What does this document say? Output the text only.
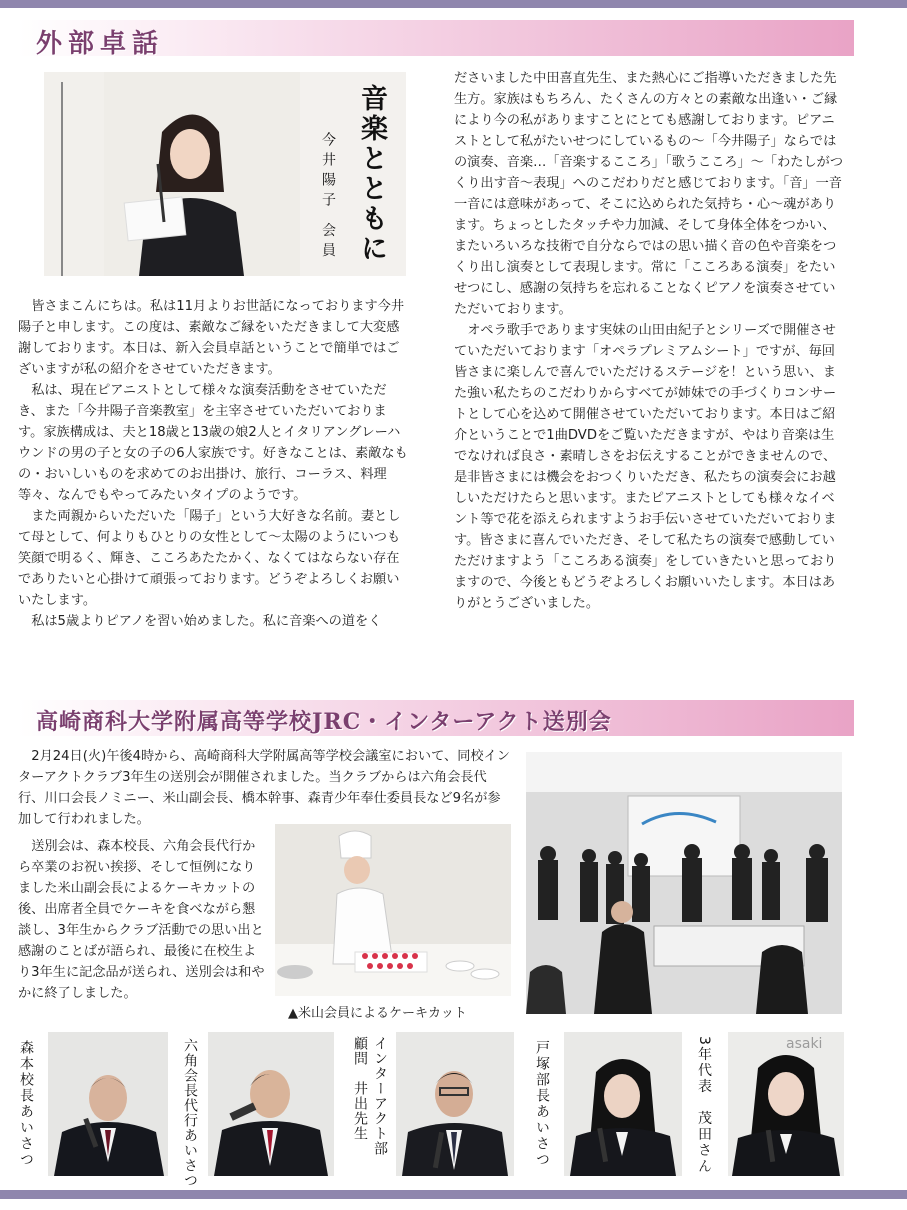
外部卓話
音楽とともに
今井陽子 会員

皆さまこんにちは。私は11月よりお世話になっております今井陽子と申します。この度は、素敵なご縁をいただきまして大変感謝しております。本日は、新入会員卓話ということで簡単ではございますが私の紹介をさせていただきます。

私は、現在ピアニストとして様々な演奏活動をさせていただき、また「今井陽子音楽教室」を主宰させていただいております。家族構成は、夫と18歳と13歳の娘2人とイタリアングレーハウンドの男の子と女の子の6人家族です。好きなことは、素敵なもの・おいしいものを求めてのお出掛け、旅行、コーラス、料理等々、なんでもやってみたいタイプのようです。

また両親からいただいた「陽子」という大好きな名前。妻として母として、何よりもひとりの女性として〜太陽のようにいつも笑顔で明るく、輝き、こころあたたかく、なくてはならない存在でありたいと心掛けて頑張っております。どうぞよろしくお願いいたします。

私は5歳よりピアノを習い始めました。私に音楽への道をく

ださいました中田喜直先生、また熱心にご指導いただきました先生方。家族はもちろん、たくさんの方々との素敵な出逢い・ご縁により今の私がありますことにとても感謝しております。ピアニストとして私がたいせつにしているもの〜「今井陽子」ならではの演奏、音楽…「音楽するこころ」「歌うこころ」〜「わたしがつくり出す音〜表現」へのこだわりだと感じております。「音」一音一音には意味があって、そこに込められた気持ち・心〜魂があります。ちょっとしたタッチや力加減、そして身体全体をつかい、またいろいろな技術で自分ならではの思い描く音の色や音楽をつくり出し演奏として表現します。常に「こころある演奏」をたいせつにし、感謝の気持ちを忘れることなくピアノを演奏させていただいております。

オペラ歌手であります実妹の山田由紀子とシリーズで開催させていただいております「オペラプレミアムシート」ですが、毎回皆さまに楽しんで喜んでいただけるステージを！という思い、また強い私たちのこだわりからすべてが姉妹での手づくりコンサートとして心を込めて開催させていただいております。本日はご紹介ということで1曲DVDをご覧いただきますが、やはり音楽は生でなければ良さ・素晴しさをお伝えすることができませんので、是非皆さまには機会をおつくりいただき、私たちの演奏会にお越しいただけたらと思います。またピアニストとしても様々なイベント等で花を添えられますようお手伝いさせていただいております。皆さまに喜んでいただき、そして私たちの演奏で感動していただけますよう「こころある演奏」をしていきたいと思っておりますので、今後ともどうぞよろしくお願いいたします。本日はありがとうございました。

高崎商科大学附属高等学校JRC・インターアクト送別会

2月24日(火)午後4時から、高崎商科大学附属高等学校会議室において、同校インターアクトクラブ3年生の送別会が開催されました。当クラブからは六角会長代行、川口会長ノミニー、米山副会長、橋本幹事、森青少年奉仕委員長など9名が参加して行われました。

送別会は、森本校長、六角会長代行から卒業のお祝い挨拶、そして恒例になりました米山副会長によるケーキカットの後、出席者全員でケーキを食べながら懇談し、3年生からクラブ活動での思い出と感謝のことばが語られ、最後に在校生より3年生に記念品が送られ、送別会は和やかに終了しました。

▲米山会員によるケーキカット
asaki
森本校長あいさつ	六角会長代行あいさつ	インターアクト部
顧問　井出先生	戸塚部長あいさつ	3年代表　茂田さん
